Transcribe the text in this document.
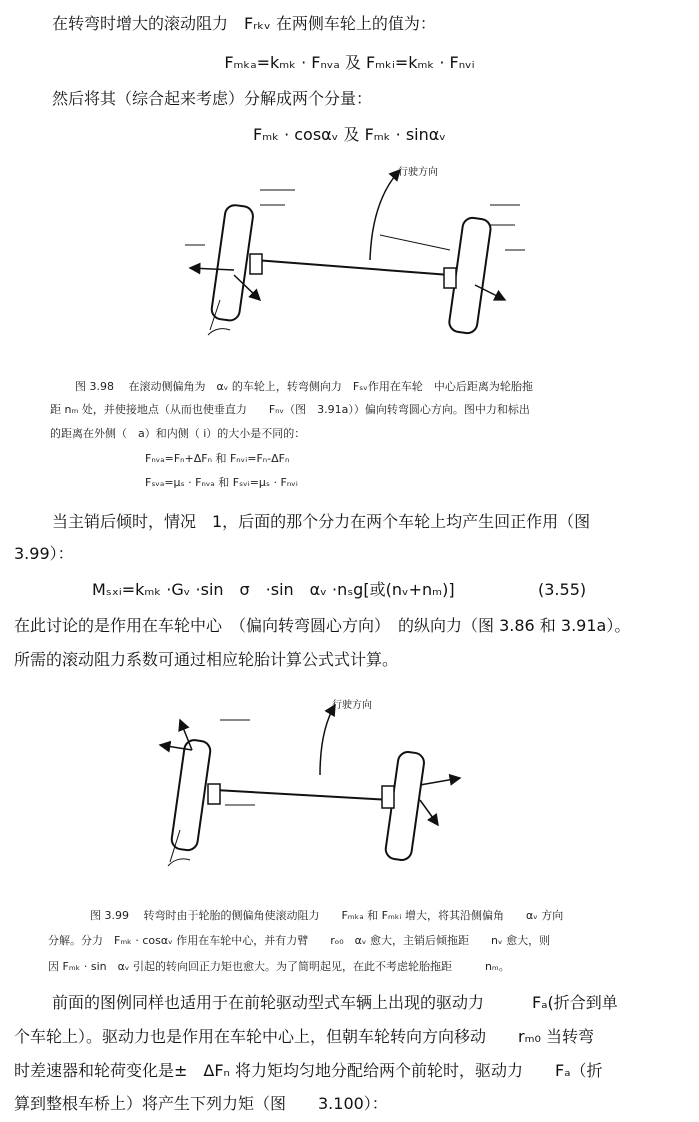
在转弯时增大的滚动阻力　Fᵣₖᵥ 在两侧车轮上的值为：
Fₘₖₐ=kₘₖ · Fₙᵥₐ 及 Fₘₖᵢ=kₘₖ · Fₙᵥᵢ
然后将其（综合起来考虑）分解成两个分量：
Fₘₖ · cosαᵥ 及 Fₘₖ · sinαᵥ
行驶方向
图 3.98　 在滚动侧偏角为　αᵥ 的车轮上，转弯侧向力　Fₛᵥ作用在车轮　中心后距离为轮胎拖
距 nₘ 处，并使接地点（从而也使垂直力　　Fₙᵥ（图　3.91a））偏向转弯圆心方向。图中力和标出
的距离在外侧（　a）和内侧（ i）的大小是不同的：
Fₙᵥₐ=Fₙ+ΔFₙ 和 Fₙᵥᵢ=Fₙ-ΔFₙ
Fₛᵥₐ=μₛ · Fₙᵥₐ 和 Fₛᵥᵢ=μₛ · Fₙᵥᵢ
当主销后倾时，情况　1，后面的那个分力在两个车轮上均产生回正作用（图
3.99）：
Mₛₓᵢ=kₘₖ ·Gᵥ ·sin　σ　·sin　αᵥ ·nₛg[或(nᵥ+nₘ)]	(3.55)
在此讨论的是作用在车轮中心　（偏向转弯圆心方向）　的纵向力（图 3.86 和 3.91a）。
所需的滚动阻力系数可通过相应轮胎计算公式式计算。
行驶方向
图 3.99　 转弯时由于轮胎的侧偏角使滚动阻力　　Fₘₖₐ 和 Fₘₖᵢ 增大，将其沿侧偏角　　αᵥ 方向
分解。分力　Fₘₖ · cosαᵥ 作用在车轮中心，并有力臂　　rₒ₀　αᵥ 愈大，主销后倾拖距　　nᵥ 愈大，则
因 Fₘₖ · sin　αᵥ 引起的转向回正力矩也愈大。为了简明起见，在此不考虑轮胎拖距　　　nₘ。
前面的图例同样也适用于在前轮驱动型式车辆上出现的驱动力　　　Fₐ(折合到单
个车轮上）。驱动力也是作用在车轮中心上，但朝车轮转向方向移动　　rₘ₀ 当转弯
时差速器和轮荷变化是±　ΔFₙ 将力矩均匀地分配给两个前轮时，驱动力　　Fₐ（折
算到整根车桥上）将产生下列力矩（图　　3.100）：
